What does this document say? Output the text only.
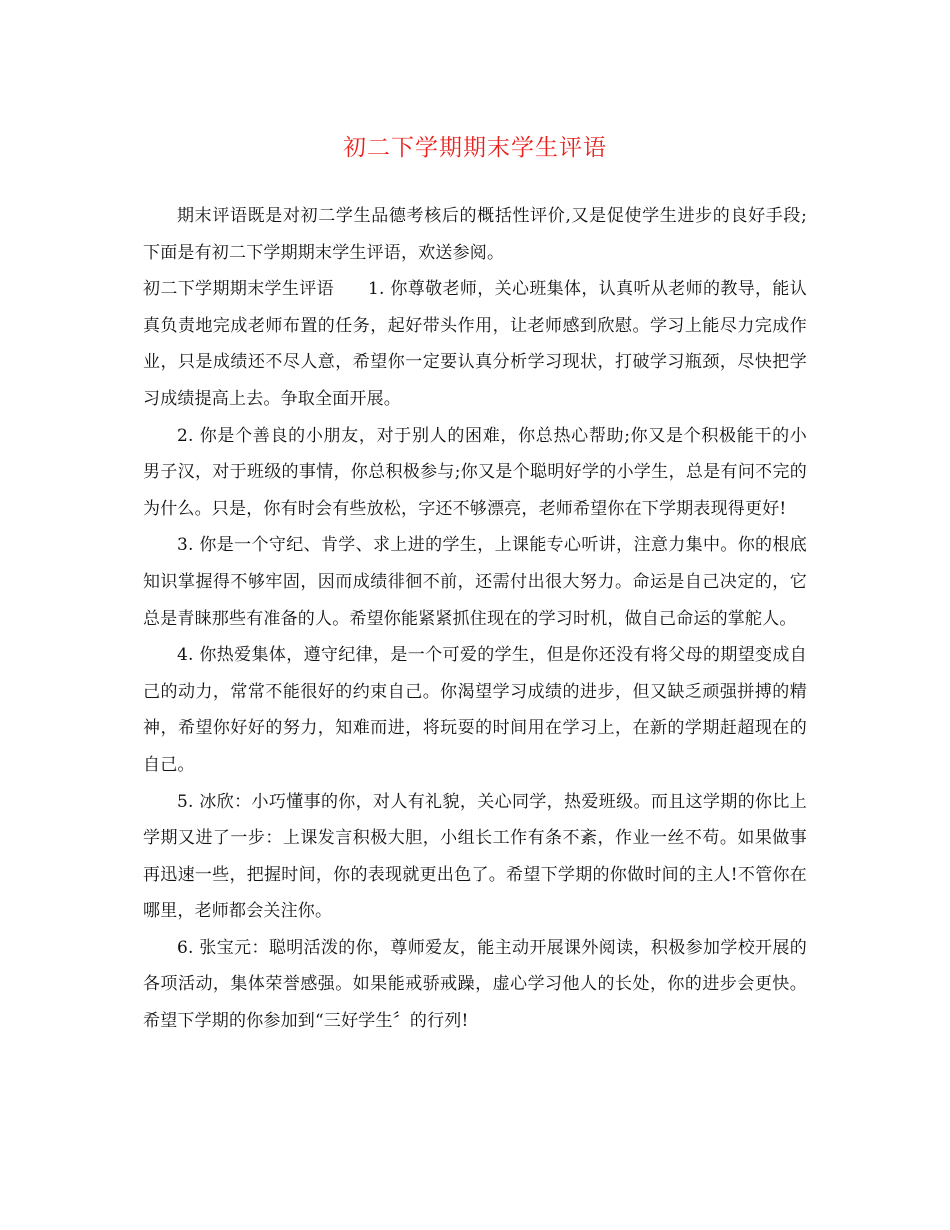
初二下学期期末学生评语

期末评语既是对初二学生品德考核后的概括性评价,又是促使学生进步的良好手段;下面是有初二下学期期末学生评语，欢送参阅。

初二下学期期末学生评语 1. 你尊敬老师，关心班集体，认真听从老师的教导，能认真负责地完成老师布置的任务，起好带头作用，让老师感到欣慰。学习上能尽力完成作业，只是成绩还不尽人意，希望你一定要认真分析学习现状，打破学习瓶颈，尽快把学习成绩提高上去。争取全面开展。

2. 你是个善良的小朋友，对于别人的困难，你总热心帮助;你又是个积极能干的小男子汉，对于班级的事情，你总积极参与;你又是个聪明好学的小学生，总是有问不完的为什么。只是，你有时会有些放松，字还不够漂亮，老师希望你在下学期表现得更好!

3. 你是一个守纪、肯学、求上进的学生，上课能专心听讲，注意力集中。你的根底知识掌握得不够牢固，因而成绩徘徊不前，还需付出很大努力。命运是自己决定的，它总是青睐那些有准备的人。希望你能紧紧抓住现在的学习时机，做自己命运的掌舵人。

4. 你热爱集体，遵守纪律，是一个可爱的学生，但是你还没有将父母的期望变成自己的动力，常常不能很好的约束自己。你渴望学习成绩的进步，但又缺乏顽强拼搏的精神，希望你好好的努力，知难而进，将玩耍的时间用在学习上，在新的学期赶超现在的自己。

5. 冰欣：小巧懂事的你，对人有礼貌，关心同学，热爱班级。而且这学期的你比上学期又进了一步：上课发言积极大胆，小组长工作有条不紊，作业一丝不苟。如果做事再迅速一些，把握时间，你的表现就更出色了。希望下学期的你做时间的主人!不管你在哪里，老师都会关注你。

6. 张宝元：聪明活泼的你，尊师爱友，能主动开展课外阅读，积极参加学校开展的各项活动，集体荣誉感强。如果能戒骄戒躁，虚心学习他人的长处，你的进步会更快。希望下学期的你参加到“三好学生〞的行列!
